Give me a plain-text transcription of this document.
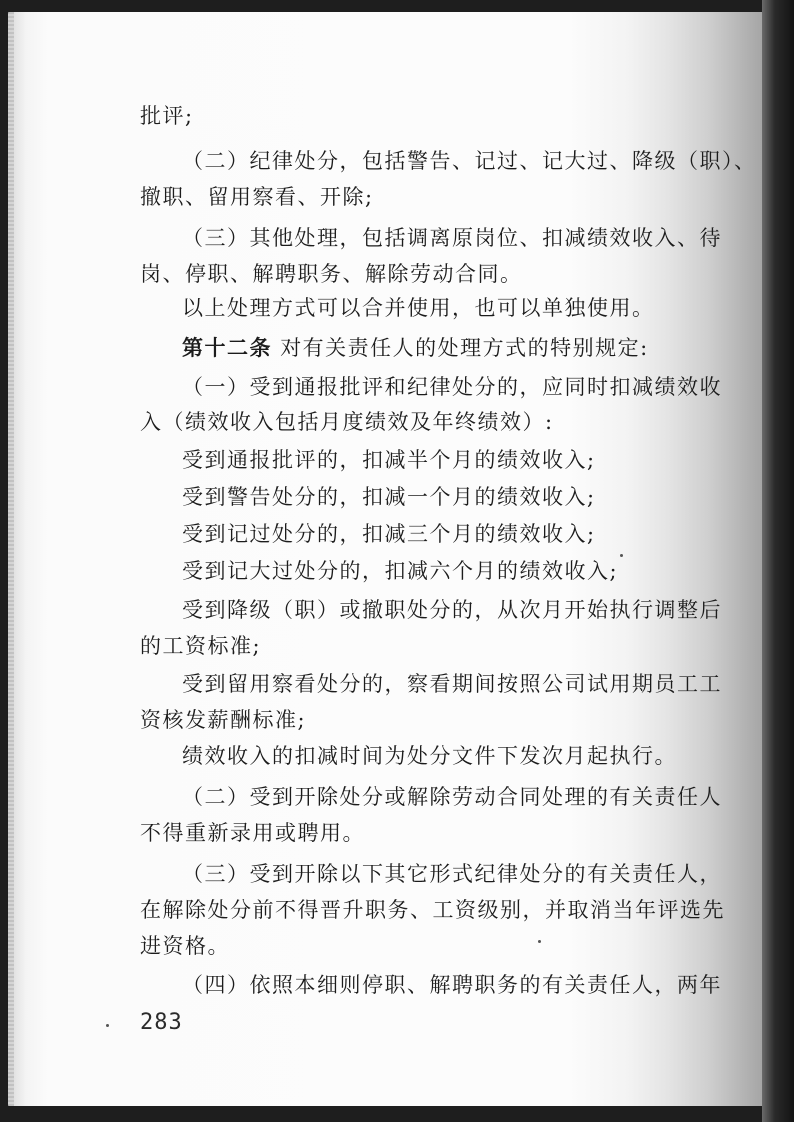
批评;
（二）纪律处分，包括警告、记过、记大过、降级（职）、
撤职、留用察看、开除;
（三）其他处理，包括调离原岗位、扣减绩效收入、待
岗、停职、解聘职务、解除劳动合同。
以上处理方式可以合并使用，也可以单独使用。
第十二条 对有关责任人的处理方式的特别规定:
（一）受到通报批评和纪律处分的，应同时扣减绩效收
入（绩效收入包括月度绩效及年终绩效）:
受到通报批评的，扣减半个月的绩效收入;
受到警告处分的，扣减一个月的绩效收入;
受到记过处分的，扣减三个月的绩效收入;
受到记大过处分的，扣减六个月的绩效收入;
受到降级（职）或撤职处分的，从次月开始执行调整后
的工资标准;
受到留用察看处分的，察看期间按照公司试用期员工工
资核发薪酬标准;
绩效收入的扣减时间为处分文件下发次月起执行。
（二）受到开除处分或解除劳动合同处理的有关责任人
不得重新录用或聘用。
（三）受到开除以下其它形式纪律处分的有关责任人，
在解除处分前不得晋升职务、工资级别，并取消当年评选先
进资格。
（四）依照本细则停职、解聘职务的有关责任人，两年
283
